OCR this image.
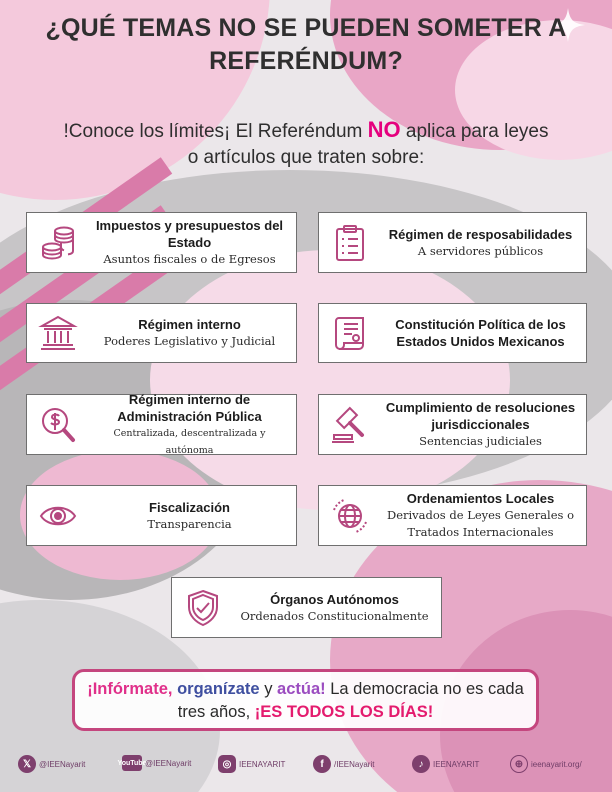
¿QUÉ TEMAS NO SE PUEDEN SOMETER A
REFERÉNDUM?
!Conoce los límites¡ El Referéndum NO aplica para leyes
o artículos que traten sobre:
Impuestos y presupuestos del Estado
Asuntos fiscales o de Egresos
Régimen de resposabilidades
A servidores públicos
Régimen interno
Poderes Legislativo y Judicial
Constitución Política de los Estados Unidos Mexicanos
Régimen interno de Administración Pública
Centralizada, descentralizada y autónoma
Cumplimiento de resoluciones jurisdiccionales
Sentencias judiciales
Fiscalización
Transparencia
Ordenamientos Locales
Derivados de Leyes Generales o Tratados Internacionales
Órganos Autónomos
Ordenados Constitucionalmente
¡Infórmate, organízate y actúa! La democracia no es cada
tres años, ¡ES TODOS LOS DÍAS!
𝕏 @IEENayarit	You Tube
@IEENayarit	◎ IEENAYARIT	f	/IEENayarit	♪	IEENAYARIT	⊕ ieenayarit.org/
